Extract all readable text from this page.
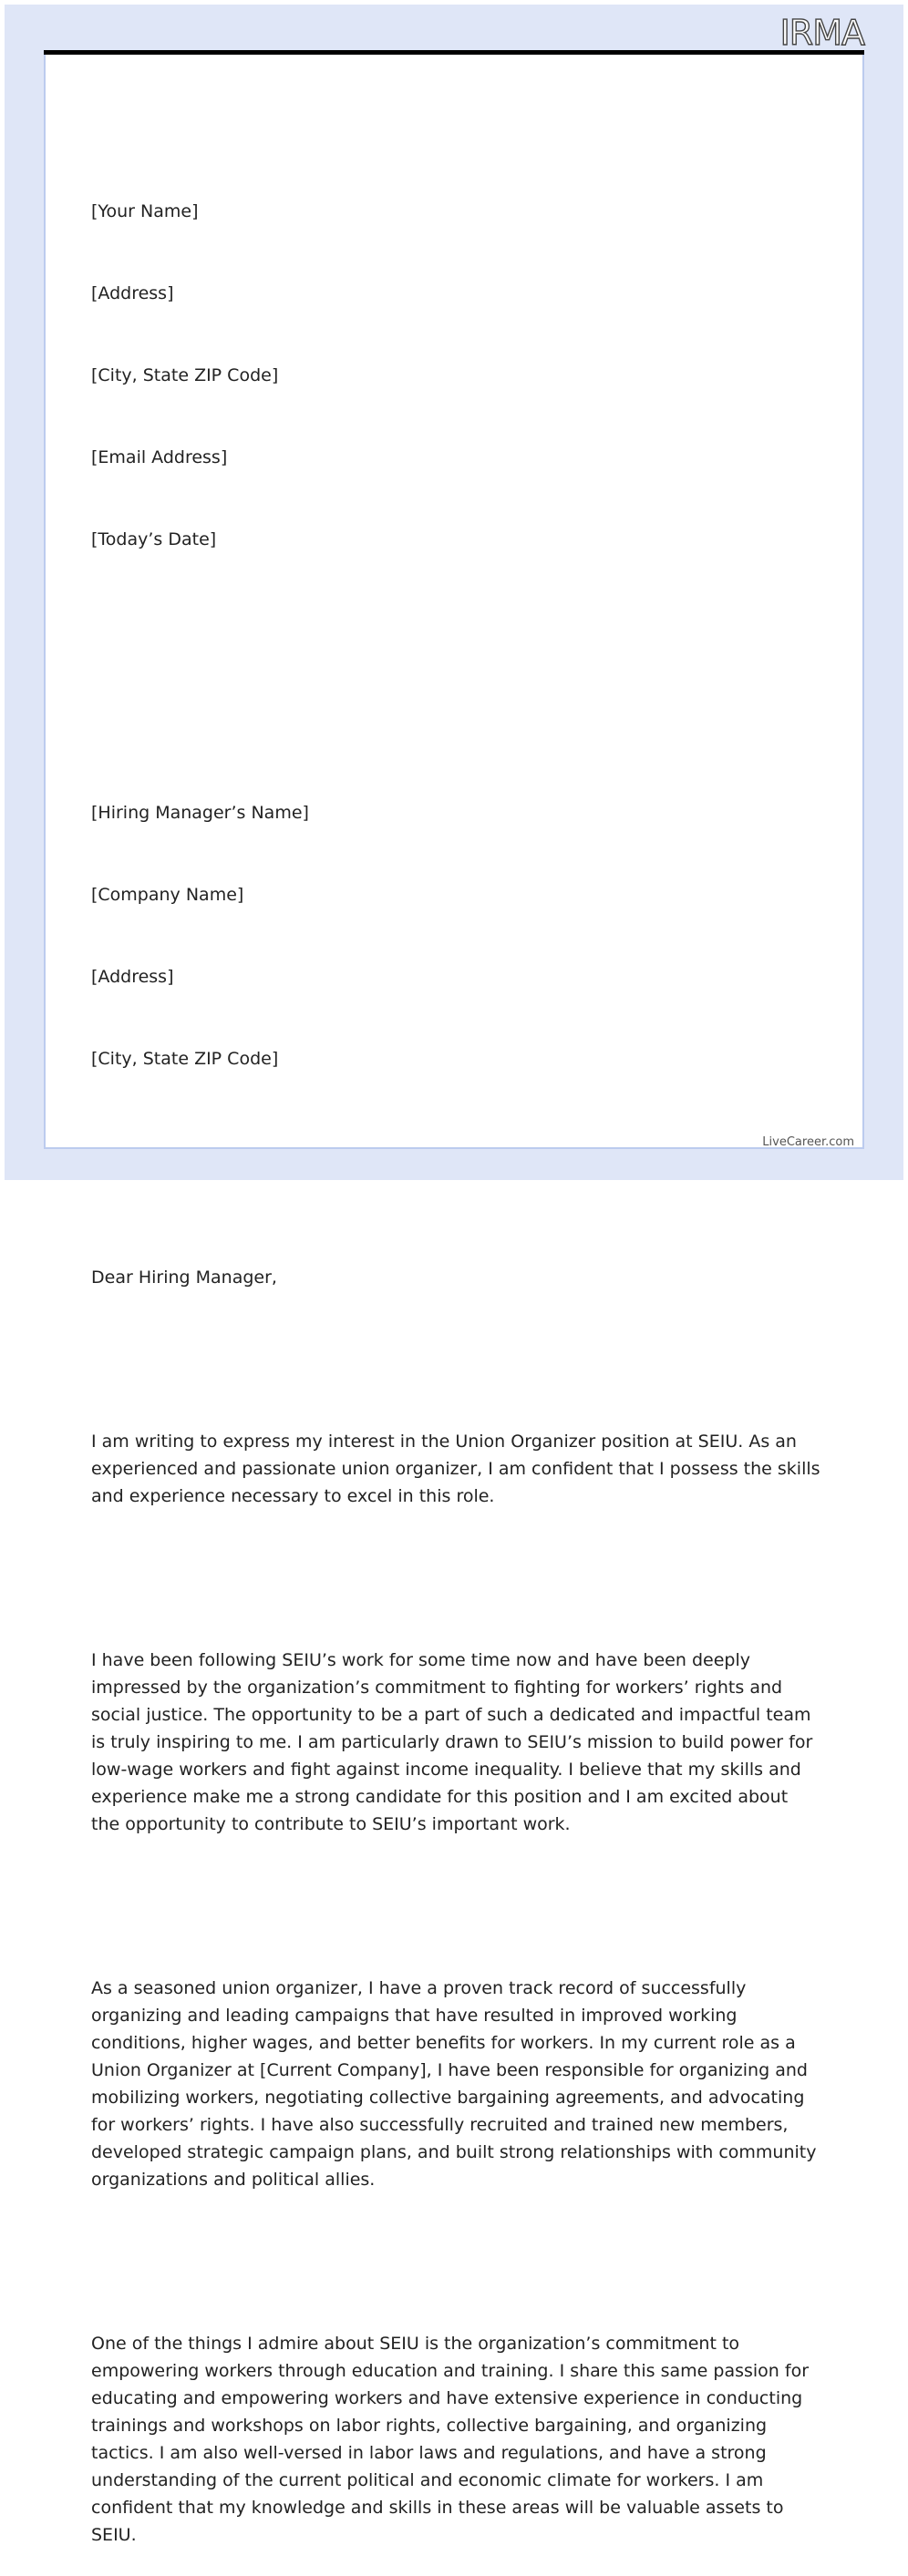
IRMA

[Your Name]

[Address]

[City, State ZIP Code]

[Email Address]

[Today’s Date]

[Hiring Manager’s Name]

[Company Name]

[Address]

[City, State ZIP Code]

Dear Hiring Manager,

I am writing to express my interest in the Union Organizer position at SEIU. As an experienced and passionate union organizer, I am confident that I possess the skills and experience necessary to excel in this role.

I have been following SEIU’s work for some time now and have been deeply impressed by the organization’s commitment to fighting for workers’ rights and social justice. The opportunity to be a part of such a dedicated and impactful team is truly inspiring to me. I am particularly drawn to SEIU’s mission to build power for low-wage workers and fight against income inequality. I believe that my skills and experience make me a strong candidate for this position and I am excited about the opportunity to contribute to SEIU’s important work.

As a seasoned union organizer, I have a proven track record of successfully organizing and leading campaigns that have resulted in improved working conditions, higher wages, and better benefits for workers. In my current role as a Union Organizer at [Current Company], I have been responsible for organizing and mobilizing workers, negotiating collective bargaining agreements, and advocating for workers’ rights. I have also successfully recruited and trained new members, developed strategic campaign plans, and built strong relationships with community organizations and political allies.

One of the things I admire about SEIU is the organization’s commitment to empowering workers through education and training. I share this same passion for educating and empowering workers and have extensive experience in conducting trainings and workshops on labor rights, collective bargaining, and organizing tactics. I am also well-versed in labor laws and regulations, and have a strong understanding of the current political and economic climate for workers. I am confident that my knowledge and skills in these areas will be valuable assets to SEIU.

LiveCareer.com
